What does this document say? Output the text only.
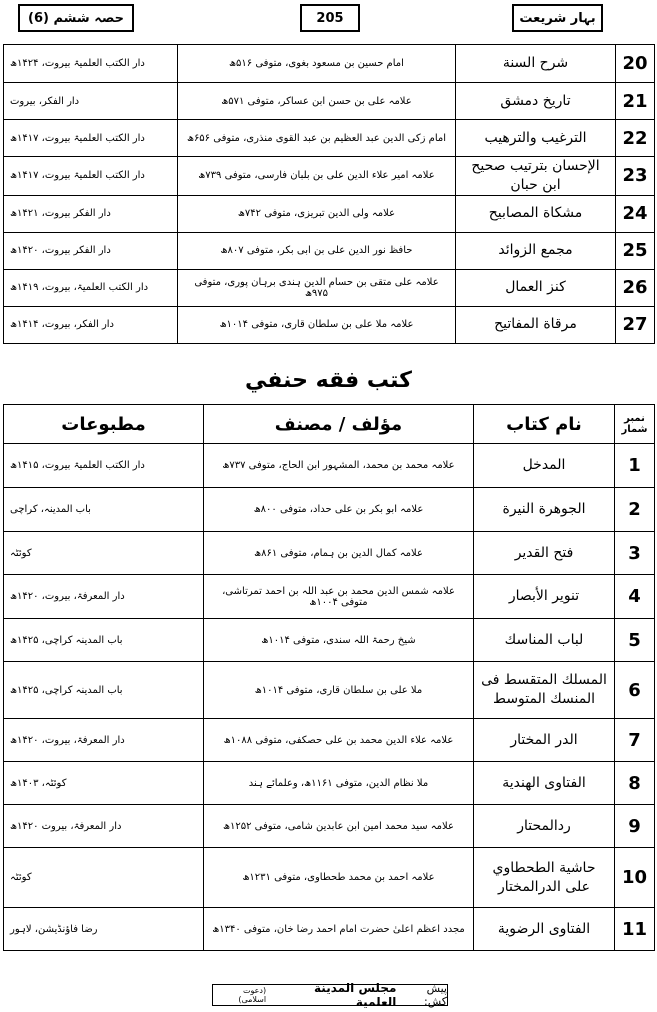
حصہ ششم (6)	205	بہار شریعت
دار الکتب العلمیۃ بیروت، ۱۴۲۴ھ	امام حسین بن مسعود بغوی، متوفی ۵۱۶ھ	شرح السنة	20
دار الفکر، بیروت	علامہ علی بن حسن ابن عساکر، متوفی ۵۷۱ھ	تاريخ دمشق	21
دار الکتب العلمیۃ بیروت، ۱۴۱۷ھ	امام زکی الدین عبد العظیم بن عبد القوی منذری، متوفی ۶۵۶ھ	الترغيب والترهيب	22
دار الکتب العلمیۃ بیروت، ۱۴۱۷ھ	علامہ امیر علاء الدین علی بن بلبان فارسی، متوفی ۷۳۹ھ	الإحسان بترتيب صحيح ابن حبان	23
دار الفکر بیروت، ۱۴۲۱ھ	علامہ ولی الدین تبریزی، متوفی ۷۴۲ھ	مشكاة المصابيح	24
دار الفکر بیروت، ۱۴۲۰ھ	حافظ نور الدین علی بن ابی بکر، متوفی ۸۰۷ھ	مجمع الزوائد	25
دار الکتب العلمیۃ، بیروت، ۱۴۱۹ھ	علامہ علی متقی بن حسام الدین ہندی برہان پوری، متوفی ۹۷۵ھ	كنز العمال	26
دار الفکر، بیروت، ۱۴۱۴ھ	علامہ ملا علی بن سلطان قاری، متوفی ۱۰۱۴ھ	مرقاة المفاتيح	27
كتب فقه حنفي
مطبوعات	مؤلف / مصنف	نام كتاب	نمبر شمار
دار الکتب العلمیۃ بیروت، ۱۴۱۵ھ	علامہ محمد بن محمد، المشہور ابن الحاج، متوفی ۷۳۷ھ	المدخل	1
باب المدینہ، کراچی	علامہ ابو بکر بن علی حداد، متوفی ۸۰۰ھ	الجوهرة النيرة	2
کوئٹہ	علامہ کمال الدین بن ہمام، متوفی ۸۶۱ھ	فتح القدير	3
دار المعرفۃ، بیروت، ۱۴۲۰ھ	علامہ شمس الدین محمد بن عبد اللہ بن احمد تمرتاشی، متوفی ۱۰۰۴ھ	تنوير الأبصار	4
باب المدینہ کراچی، ۱۴۲۵ھ	شیخ رحمۃ اللہ سندی، متوفی ۱۰۱۴ھ	لباب المناسك	5
باب المدینہ کراچی، ۱۴۲۵ھ	ملا علی بن سلطان قاری، متوفی ۱۰۱۴ھ	المسلك المتقسط فى المنسك المتوسط	6
دار المعرفۃ، بیروت، ۱۴۲۰ھ	علامہ علاء الدین محمد بن علی حصکفی، متوفی ۱۰۸۸ھ	الدر المختار	7
کوئٹہ، ۱۴۰۳ھ	ملا نظام الدین، متوفی ۱۱۶۱ھ، وعلمائے ہند	الفتاوى الهندية	8
دار المعرفۃ، بیروت ۱۴۲۰ھ	علامہ سید محمد امین ابن عابدین شامی، متوفی ۱۲۵۲ھ	ردالمحتار	9
کوئٹہ	علامہ احمد بن محمد طحطاوی، متوفی ۱۲۳۱ھ	حاشية الطحطاوي على الدرالمختار	10
رضا فاؤنڈیشن، لاہور	مجدد اعظم اعلیٰ حضرت امام احمد رضا خان، متوفی ۱۳۴۰ھ	الفتاوى الرضوية	11
پیش کش:
مجلس المدینة العلمیة
(دعوت اسلامی)
